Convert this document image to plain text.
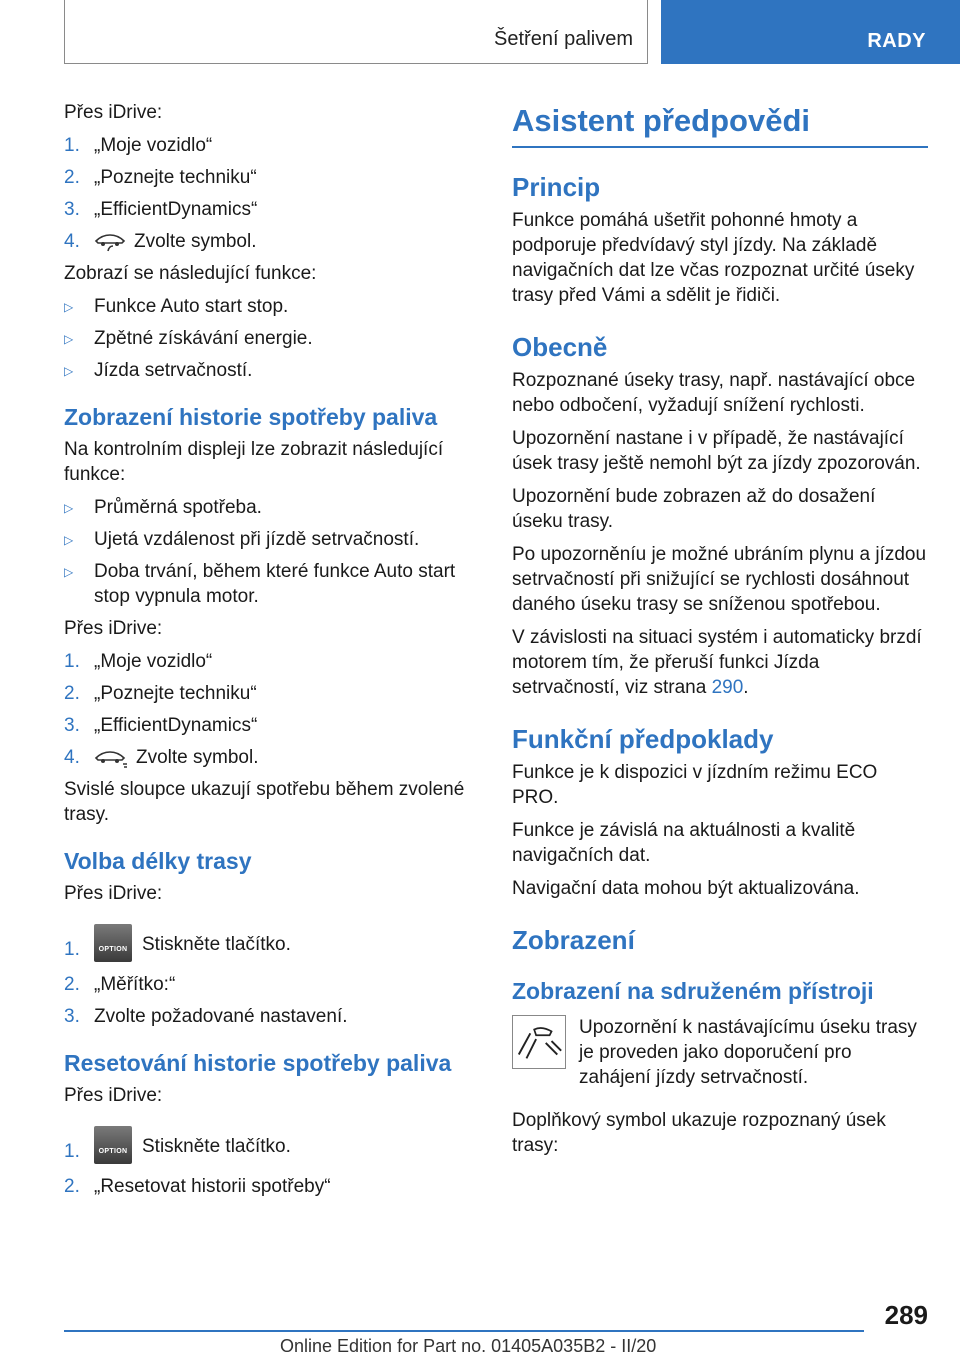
Šetření palivem	RADY

Přes iDrive:

1. „Moje vozidlo“
2. „Poznejte techniku“
3. „EfficientDynamics“
4.	Zvolte symbol.

Zobrazí se následující funkce:

▷ Funkce Auto start stop.
▷ Zpětné získávání energie.
▷ Jízda setrvačností.
Zobrazení historie spotřeby paliva

Na kontrolním displeji lze zobrazit následující funkce:

▷ Průměrná spotřeba.
▷ Ujetá vzdálenost při jízdě setrvačností.
▷ Doba trvání, během které funkce Auto start stop vypnula motor.

Přes iDrive:

1. „Moje vozidlo“
2. „Poznejte techniku“
3. „EfficientDynamics“
4.	Zvolte symbol.

Svislé sloupce ukazují spotřebu během zvolené trasy.

Volba délky trasy

Přes iDrive:

1.	OPTION Stiskněte tlačítko.
2. „Měřítko:“
3. Zvolte požadované nastavení.
Resetování historie spotřeby paliva

Přes iDrive:

1.	OPTION Stiskněte tlačítko.
2. „Resetovat historii spotřeby“
Asistent předpovědi
Princip

Funkce pomáhá ušetřit pohonné hmoty a podporuje předvídavý styl jízdy. Na základě navigačních dat lze včas rozpoznat určité úseky trasy před Vámi a sdělit je řidiči.

Obecně

Rozpoznané úseky trasy, např. nastávající obce nebo odbočení, vyžadují snížení rychlosti.

Upozornění nastane i v případě, že nastávající úsek trasy ještě nemohl být za jízdy zpozorován.

Upozornění bude zobrazen až do dosažení úseku trasy.

Po upozorněníu je možné ubráním plynu a jízdou setrvačností při snižující se rychlosti dosáhnout daného úseku trasy se sníženou spotřebou.

V závislosti na situaci systém i automaticky brzdí motorem tím, že přeruší funkci Jízda setrvačností, viz strana 290.

Funkční předpoklady

Funkce je k dispozici v jízdním režimu ECO PRO.

Funkce je závislá na aktuálnosti a kvalitě navigačních dat.

Navigační data mohou být aktualizována.

Zobrazení
Zobrazení na sdruženém přístroji

Upozornění k nastávajícímu úseku trasy je proveden jako doporučení pro zahájení jízdy setrvačností.

Doplňkový symbol ukazuje rozpoznaný úsek trasy:

289
Online Edition for Part no. 01405A035B2 - II/20
